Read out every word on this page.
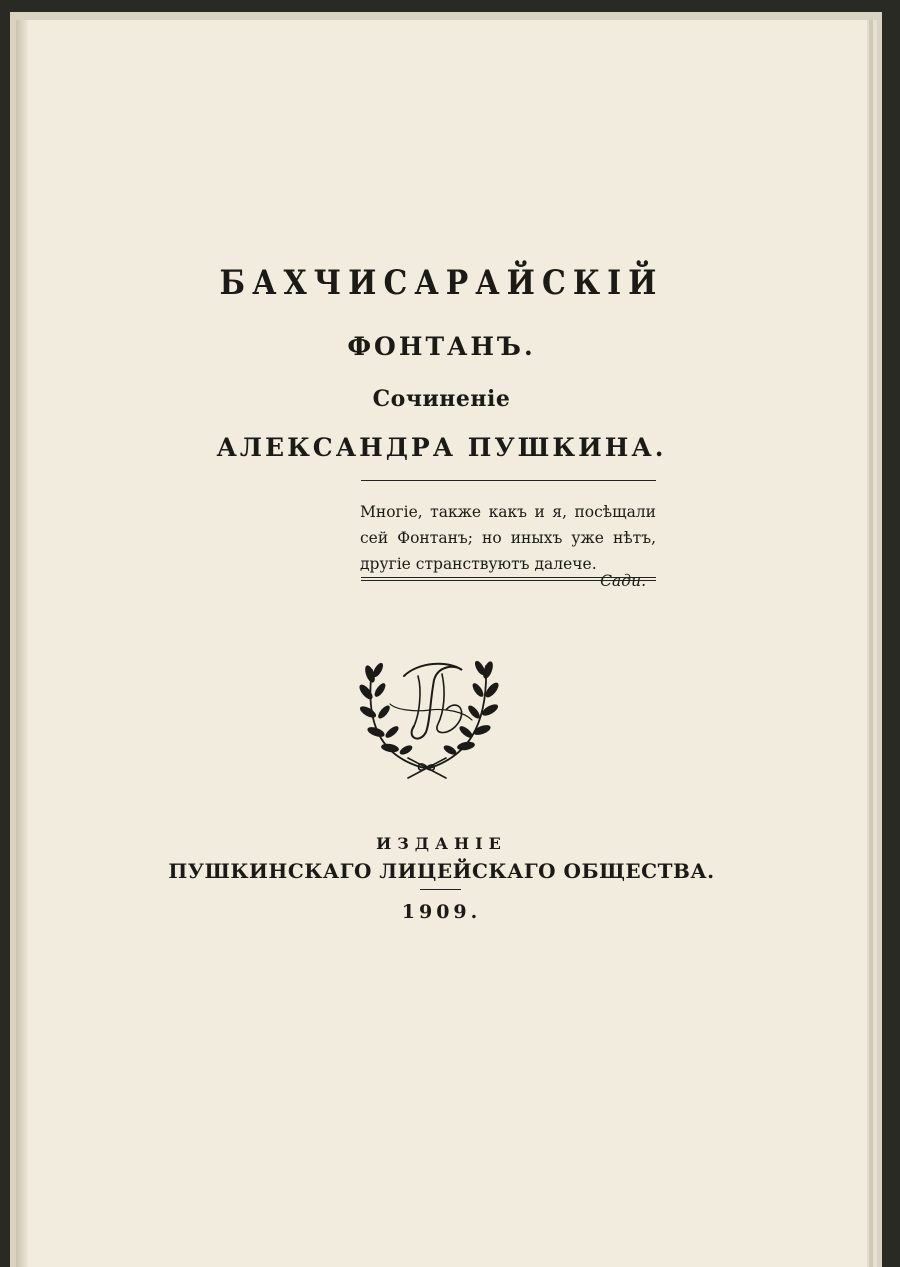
БАХЧИСАРАЙСКІЙ
ФОНТАНЪ.
Сочиненіе
АЛЕКСАНДРА ПУШКИНА.
Многіе, также какъ и я, посѣщали
сей Фонтанъ; но иныхъ уже нѣтъ,
другіе странствуютъ далече.
Сади.
ИЗДАНІЕ
ПУШКИНСКАГО ЛИЦЕЙСКАГО ОБЩЕСТВА.
1909.
